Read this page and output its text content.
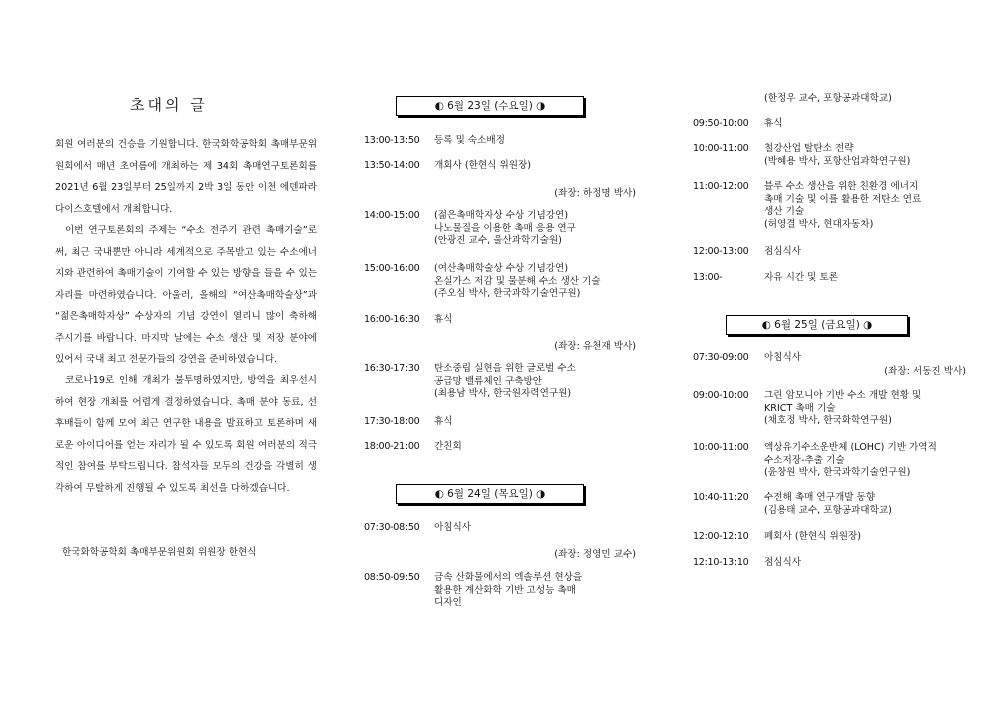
초대의 글

회원 여러분의 건승을 기원합니다. 한국화학공학회 촉매부문위원회에서 매년 초여름에 개최하는 제 34회 촉매연구토론회를 2021년 6월 23일부터 25일까지 2박 3일 동안 이천 에덴파라다이스호텔에서 개최합니다.

이번 연구토론회의 주제는 “수소 전주기 관련 촉매기술”로써, 최근 국내뿐만 아니라 세계적으로 주목받고 있는 수소에너지와 관련하여 촉매기술이 기여할 수 있는 방향을 들을 수 있는 자리를 마련하였습니다. 아울러, 올해의 “여산촉매학술상”과 “젊은촉매학자상” 수상자의 기념 강연이 열리니 많이 축하해 주시기를 바랍니다. 마지막 날에는 수소 생산 및 저장 분야에 있어서 국내 최고 전문가들의 강연을 준비하였습니다.

코로나19로 인해 개최가 불투명하였지만, 방역을 최우선시하여 현장 개최를 어렵게 결정하였습니다. 촉매 분야 동료, 선후배들이 함께 모여 최근 연구한 내용을 발표하고 토론하며 새로운 아이디어를 얻는 자리가 될 수 있도록 회원 여러분의 적극적인 참여를 부탁드립니다. 참석자들 모두의 건강을 각별히 생각하여 무탈하게 진행될 수 있도록 최선을 다하겠습니다.

한국화학공학회 촉매부문위원회 위원장 한현식
◐ 6월 23일 (수요일) ◑
13:00-13:50 등록 및 숙소배정
13:50-14:00 개회사 (한현식 위원장)
(좌장: 하정명 박사)
14:00-15:00 (젊은촉매학자상 수상 기념강연)
나노물질을 이용한 촉매 응용 연구
(안광진 교수, 울산과학기술원)
15:00-16:00 (여산촉매학술상 수상 기념강연)
온실가스 저감 및 물분해 수소 생산 기술
(주오심 박사, 한국과학기술연구원)
16:00-16:30 휴식
(좌장: 유천재 박사)
16:30-17:30 탄소중립 실현을 위한 글로벌 수소
공급망 밸류체인 구축방안
(최용남 박사, 한국원자력연구원)
17:30-18:00 휴식
18:00-21:00 간친회
◐ 6월 24일 (목요일) ◑
07:30-08:50 아침식사
(좌장: 정영민 교수)
08:50-09:50 금속 산화물에서의 엑솔루션 현상을
활용한 계산화학 기반 고성능 촉매
디자인
(한정우 교수, 포항공과대학교)
09:50-10:00 휴식
10:00-11:00 철강산업 탈탄소 전략
(박혜용 박사, 포항산업과학연구원)
11:00-12:00 블루 수소 생산을 위한 친환경 에너지
촉매 기술 및 이를 활용한 저탄소 연료
생산 기술
(허영결 박사, 현대자동차)
12:00-13:00 점심식사
13:00-	자유 시간 및 토론
◐ 6월 25일 (금요일) ◑
07:30-09:00 아침식사
(좌장: 서동진 박사)
09:00-10:00 그린 암모니아 기반 수소 개발 현황 및
KRICT 촉매 기술
(채호정 박사, 한국화학연구원)
10:00-11:00 액상유기수소운반체 (LOHC) 기반 가역적
수소저장-추출 기술
(윤창원 박사, 한국과학기술연구원)
10:40-11:20 수전해 촉매 연구개발 동향
(김용태 교수, 포항공과대학교)
12:00-12:10 폐회사 (한현식 위원장)
12:10-13:10 점심식사
